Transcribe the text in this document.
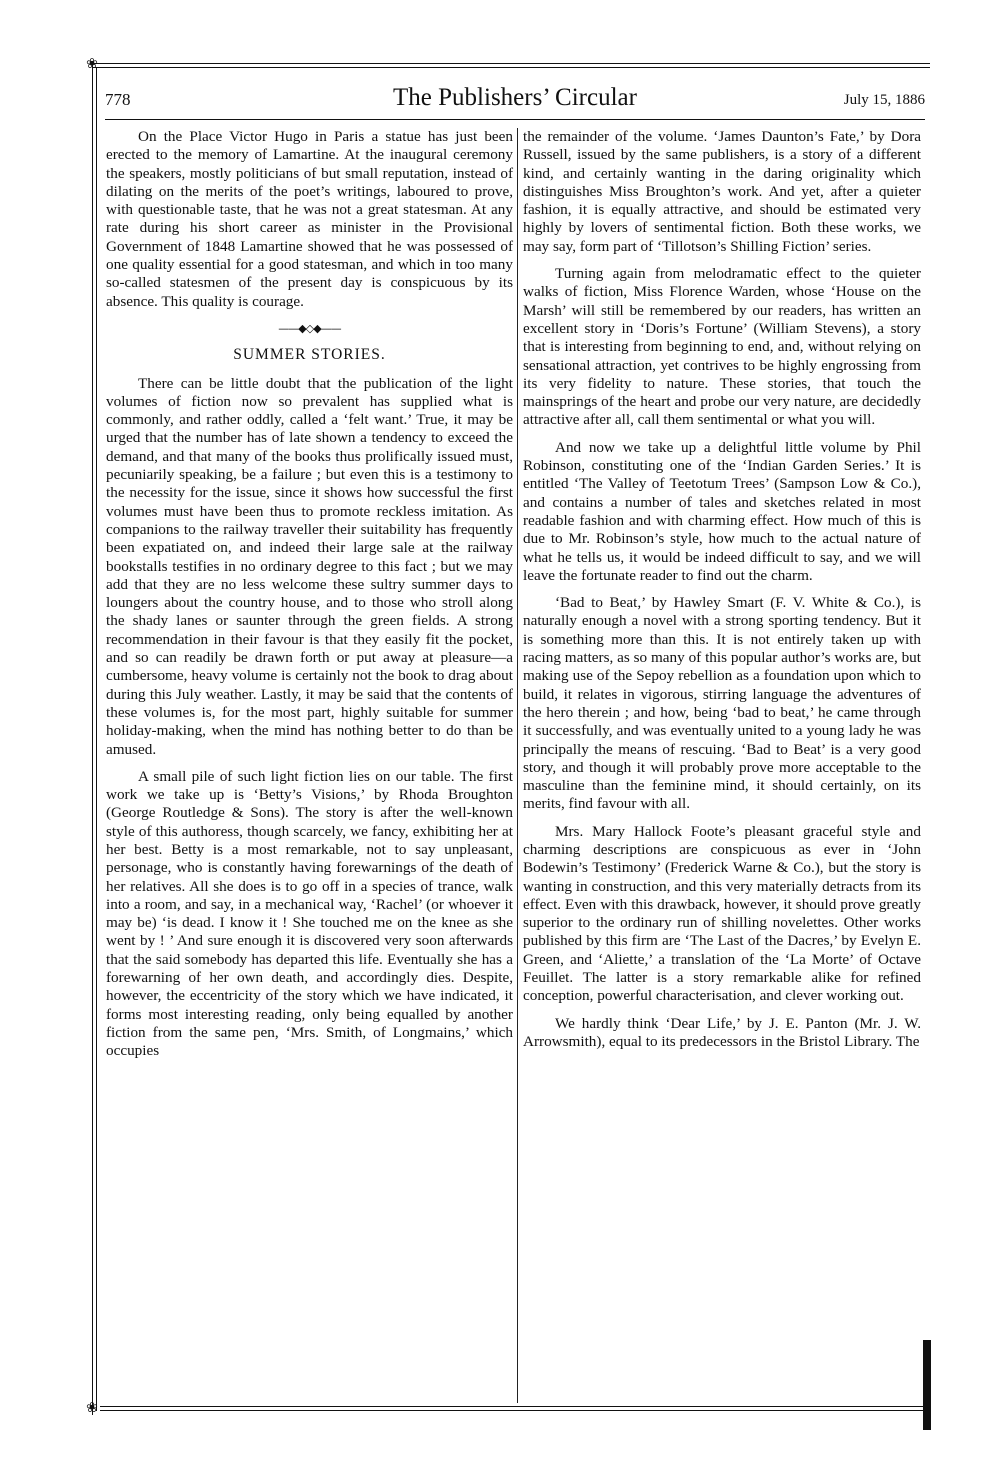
❀
❀
778	The Publishers’ Circular	July 15, 1886

On the Place Victor Hugo in Paris a statue has just been erected to the memory of Lamartine. At the inaugural ceremony the speakers, mostly politicians of but small reputation, instead of dilating on the merits of the poet’s writings, laboured to prove, with questionable taste, that he was not a great statesman. At any rate during his short career as minister in the Provisional Government of 1848 Lamartine showed that he was possessed of one quality essential for a good statesman, and which in too many so-called statesmen of the present day is conspicuous by its absence. This quality is courage.

——◆◇◆——
SUMMER STORIES.

There can be little doubt that the publication of the light volumes of fiction now so prevalent has supplied what is commonly, and rather oddly, called a ‘felt want.’ True, it may be urged that the number has of late shown a tendency to exceed the demand, and that many of the books thus prolifically issued must, pecuniarily speaking, be a failure ; but even this is a testimony to the necessity for the issue, since it shows how successful the first volumes must have been thus to promote reckless imitation. As companions to the railway traveller their suitability has frequently been expatiated on, and indeed their large sale at the railway bookstalls testifies in no ordinary degree to this fact ; but we may add that they are no less welcome these sultry summer days to loungers about the country house, and to those who stroll along the shady lanes or saunter through the green fields. A strong recommendation in their favour is that they easily fit the pocket, and so can readily be drawn forth or put away at pleasure—a cumbersome, heavy volume is certainly not the book to drag about during this July weather. Lastly, it may be said that the contents of these volumes is, for the most part, highly suitable for summer holiday-making, when the mind has nothing better to do than be amused.

A small pile of such light fiction lies on our table. The first work we take up is ‘Betty’s Visions,’ by Rhoda Broughton (George Routledge & Sons). The story is after the well-known style of this authoress, though scarcely, we fancy, exhibiting her at her best. Betty is a most remarkable, not to say unpleasant, personage, who is constantly having forewarnings of the death of her relatives. All she does is to go off in a species of trance, walk into a room, and say, in a mechanical way, ‘Rachel’ (or whoever it may be) ‘is dead. I know it ! She touched me on the knee as she went by ! ’ And sure enough it is discovered very soon afterwards that the said somebody has departed this life. Eventually she has a forewarning of her own death, and accordingly dies. Despite, however, the eccentricity of the story which we have indicated, it forms most interesting reading, only being equalled by another fiction from the same pen, ‘Mrs. Smith, of Longmains,’ which occupies

the remainder of the volume. ‘James Daunton’s Fate,’ by Dora Russell, issued by the same publishers, is a story of a different kind, and certainly wanting in the daring originality which distinguishes Miss Broughton’s work. And yet, after a quieter fashion, it is equally attractive, and should be estimated very highly by lovers of sentimental fiction. Both these works, we may say, form part of ‘Tillotson’s Shilling Fiction’ series.

Turning again from melodramatic effect to the quieter walks of fiction, Miss Florence Warden, whose ‘House on the Marsh’ will still be remembered by our readers, has written an excellent story in ‘Doris’s Fortune’ (William Stevens), a story that is interesting from beginning to end, and, without relying on sensational attraction, yet contrives to be highly engrossing from its very fidelity to nature. These stories, that touch the mainsprings of the heart and probe our very nature, are decidedly attractive after all, call them sentimental or what you will.

And now we take up a delightful little volume by Phil Robinson, constituting one of the ‘Indian Garden Series.’ It is entitled ‘The Valley of Teetotum Trees’ (Sampson Low & Co.), and contains a number of tales and sketches related in most readable fashion and with charming effect. How much of this is due to Mr. Robinson’s style, how much to the actual nature of what he tells us, it would be indeed difficult to say, and we will leave the fortunate reader to find out the charm.

‘Bad to Beat,’ by Hawley Smart (F. V. White & Co.), is naturally enough a novel with a strong sporting tendency. But it is something more than this. It is not entirely taken up with racing matters, as so many of this popular author’s works are, but making use of the Sepoy rebellion as a foundation upon which to build, it relates in vigorous, stirring language the adventures of the hero therein ; and how, being ‘bad to beat,’ he came through it successfully, and was eventually united to a young lady he was principally the means of rescuing. ‘Bad to Beat’ is a very good story, and though it will probably prove more acceptable to the masculine than the feminine mind, it should certainly, on its merits, find favour with all.

Mrs. Mary Hallock Foote’s pleasant graceful style and charming descriptions are conspicuous as ever in ‘John Bodewin’s Testimony’ (Frederick Warne & Co.), but the story is wanting in construction, and this very materially detracts from its effect. Even with this drawback, however, it should prove greatly superior to the ordinary run of shilling novelettes. Other works published by this firm are ‘The Last of the Dacres,’ by Evelyn E. Green, and ‘Aliette,’ a translation of the ‘La Morte’ of Octave Feuillet. The latter is a story remarkable alike for refined conception, powerful characterisation, and clever working out.

We hardly think ‘Dear Life,’ by J. E. Panton (Mr. J. W. Arrowsmith), equal to its predecessors in the Bristol Library. The
